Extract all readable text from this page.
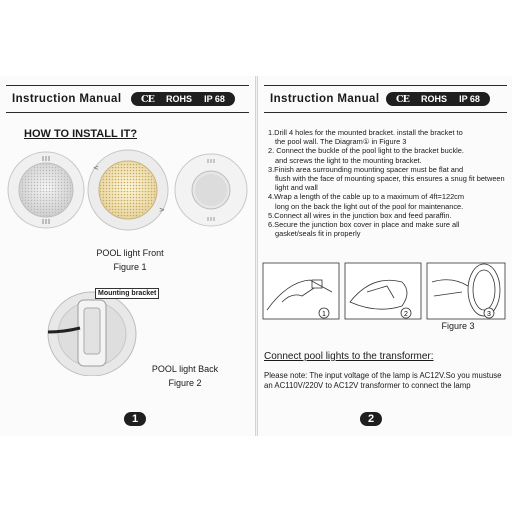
Instruction Manual CE ROHS IP 68
HOW TO INSTALL IT?
<
>
POOL light Front
Figure 1
Mounting bracket
POOL light Back
Figure 2
1
Instruction Manual CE ROHS IP 68
1.Drill 4 holes for the mounted bracket. install the bracket to
the pool wall. The Diagram① in Figure 3
2. Connect the buckle of the pool light to the bracket buckle.
and screws the light to the mounting bracket.
3.Finish area surrounding mounting spacer must be flat and
flush with the face of mounting spacer, this ensures a snug fit between light and wall
4.Wrap a length of the cable up to a maximum of 4ft=122cm
long on the back the light out of the pool for maintenance.
5.Connect all wires in the junction box and feed paraffin.
6.Secure the junction box cover in place and make sure all
gasket/seals fit in properly
1	2	3
Figure 3
Connect pool lights to the transformer:
Please note: The input voltage of the lamp is AC12V.So you mustuse an AC110V/220V to AC12V transformer to connect the lamp
2
